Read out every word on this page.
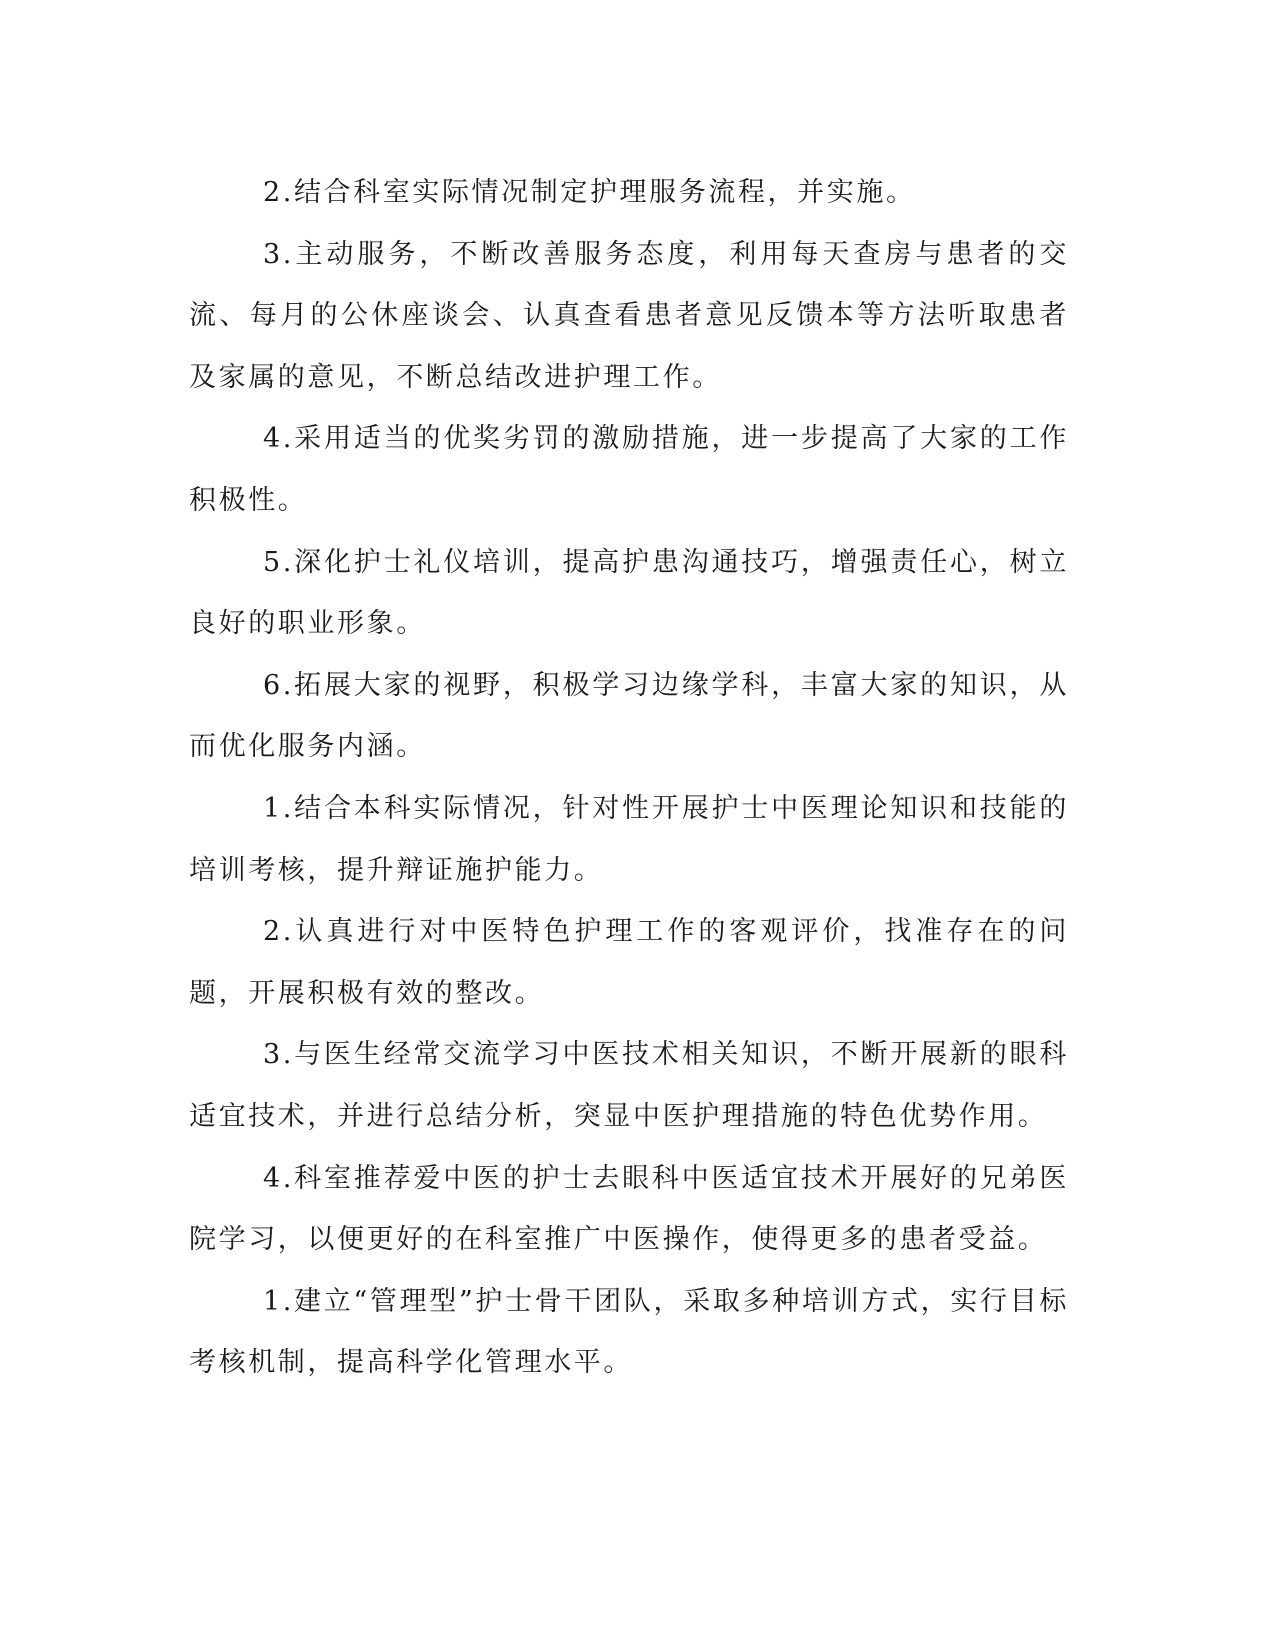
2.结合科室实际情况制定护理服务流程，并实施。

3.主动服务，不断改善服务态度，利用每天查房与患者的交流、每月的公休座谈会、认真查看患者意见反馈本等方法听取患者及家属的意见，不断总结改进护理工作。

4.采用适当的优奖劣罚的激励措施，进一步提高了大家的工作积极性。

5.深化护士礼仪培训，提高护患沟通技巧，增强责任心，树立良好的职业形象。

6.拓展大家的视野，积极学习边缘学科，丰富大家的知识，从而优化服务内涵。

1.结合本科实际情况，针对性开展护士中医理论知识和技能的培训考核，提升辩证施护能力。

2.认真进行对中医特色护理工作的客观评价，找准存在的问题，开展积极有效的整改。

3.与医生经常交流学习中医技术相关知识，不断开展新的眼科适宜技术，并进行总结分析，突显中医护理措施的特色优势作用。

4.科室推荐爱中医的护士去眼科中医适宜技术开展好的兄弟医院学习，以便更好的在科室推广中医操作，使得更多的患者受益。

1.建立“管理型”护士骨干团队，采取多种培训方式，实行目标考核机制，提高科学化管理水平。
